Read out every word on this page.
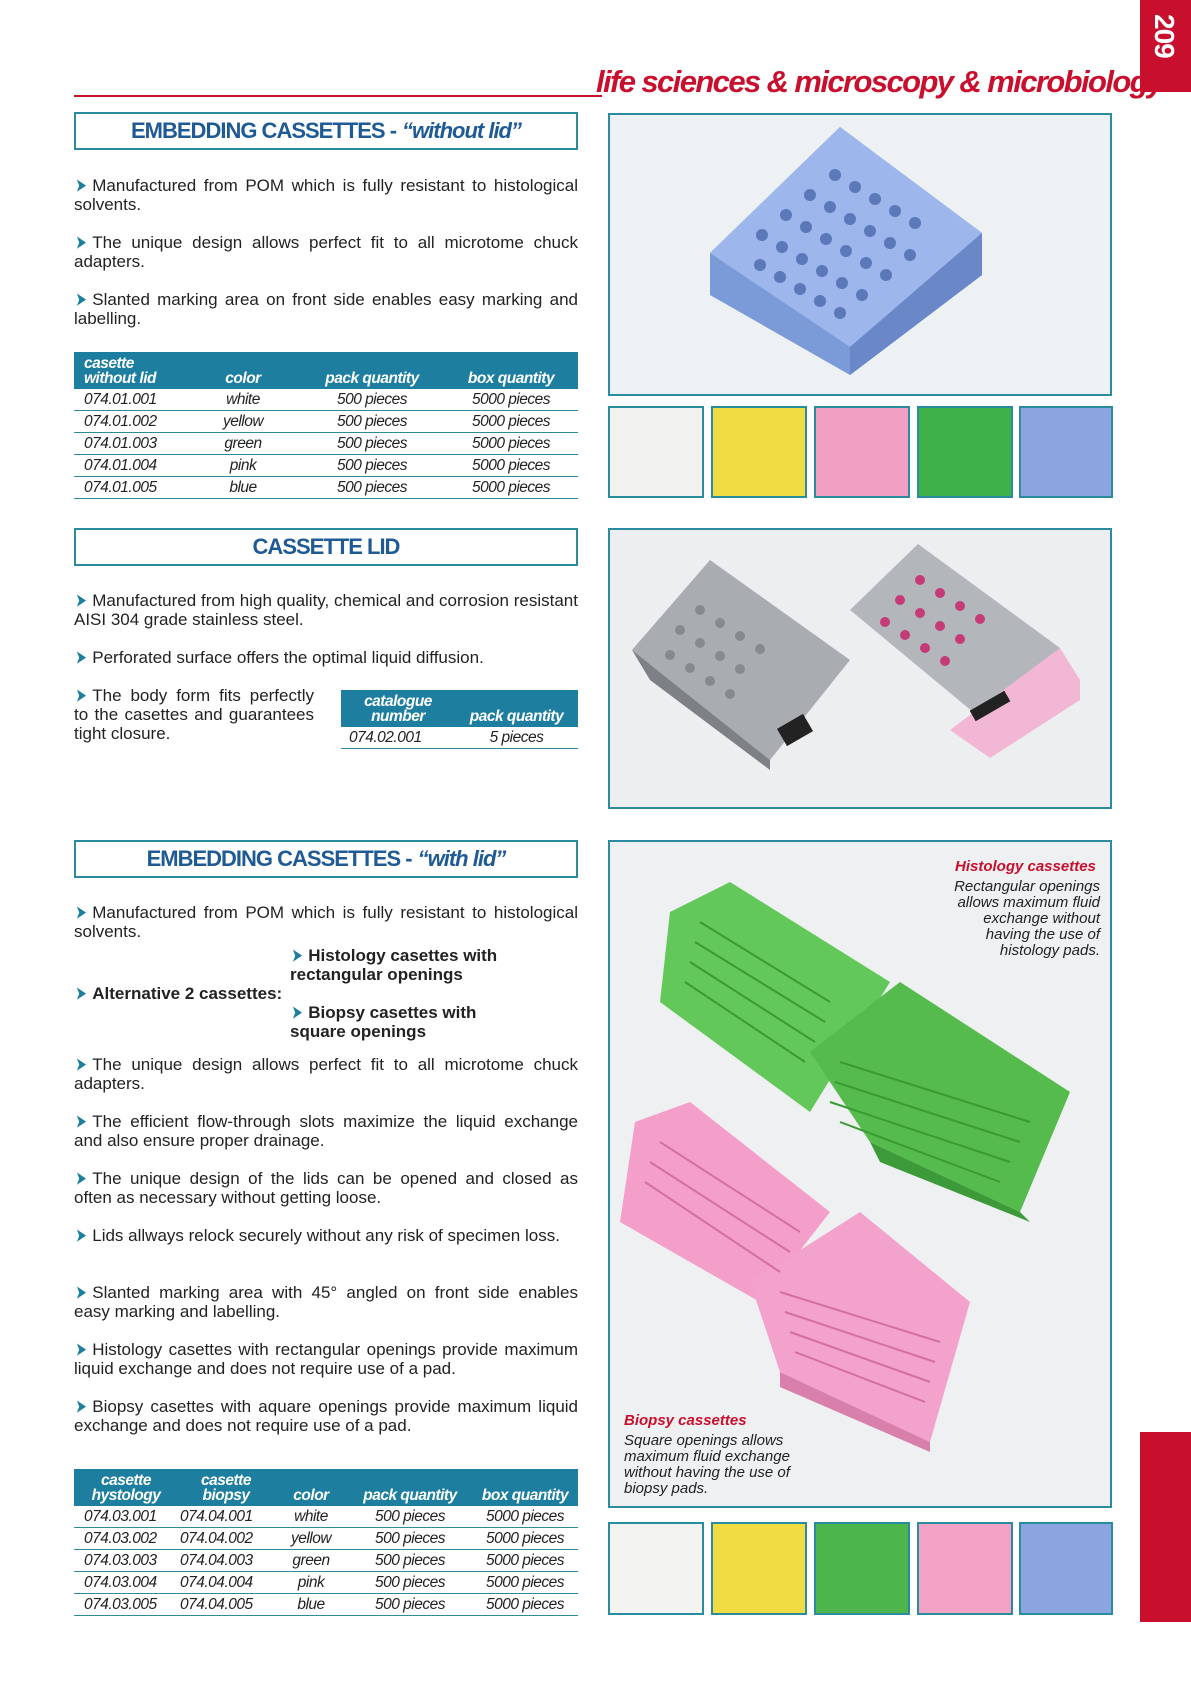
209
life sciences & microscopy & microbiology
EMBEDDING CASSETTES - “without lid”
➤ Manufactured from POM which is fully resistant to histological solvents.
➤ The unique design allows perfect fit to all microtome chuck adapters.
➤ Slanted marking area on front side enables easy marking and labelling.
casette without lid	color	pack quantity	box quantity
074.01.001	white	500 pieces	5000 pieces
074.01.002	yellow	500 pieces	5000 pieces
074.01.003	green	500 pieces	5000 pieces
074.01.004	pink	500 pieces	5000 pieces
074.01.005	blue	500 pieces	5000 pieces
CASSETTE LID
➤ Manufactured from high quality, chemical and corrosion resistant AISI 304 grade stainless steel.
➤ Perforated surface offers the optimal liquid diffusion.
➤ The body form fits perfectly to the casettes and guarantees tight closure.
catalogue number	pack quantity
074.02.001	5 pieces
EMBEDDING CASSETTES - “with lid”
➤ Manufactured from POM which is fully resistant to histological solvents.
➤ Histology casettes with rectangular openings
➤ Alternative 2 cassettes:
➤ Biopsy casettes with square openings
➤ The unique design allows perfect fit to all microtome chuck adapters.
➤ The efficient flow-through slots maximize the liquid exchange and also ensure proper drainage.
➤ The unique design of the lids can be opened and closed as often as necessary without getting loose.
➤ Lids allways relock securely without any risk of specimen loss.
➤ Slanted marking area with 45° angled on front side enables easy marking and labelling.
➤ Histology casettes with rectangular openings provide maximum liquid exchange and does not require use of a pad.
➤ Biopsy casettes with aquare openings provide maximum liquid exchange and does not require use of a pad.
casette hystology	casette biopsy	color	pack quantity	box quantity
074.03.001	074.04.001	white	500 pieces	5000 pieces
074.03.002	074.04.002	yellow	500 pieces	5000 pieces
074.03.003	074.04.003	green	500 pieces	5000 pieces
074.03.004	074.04.004	pink	500 pieces	5000 pieces
074.03.005	074.04.005	blue	500 pieces	5000 pieces
Histology cassettes
Rectangular openings allows maximum fluid exchange without having the use of histology pads.
Biopsy cassettes
Square openings allows maximum fluid exchange without having the use of biopsy pads.
